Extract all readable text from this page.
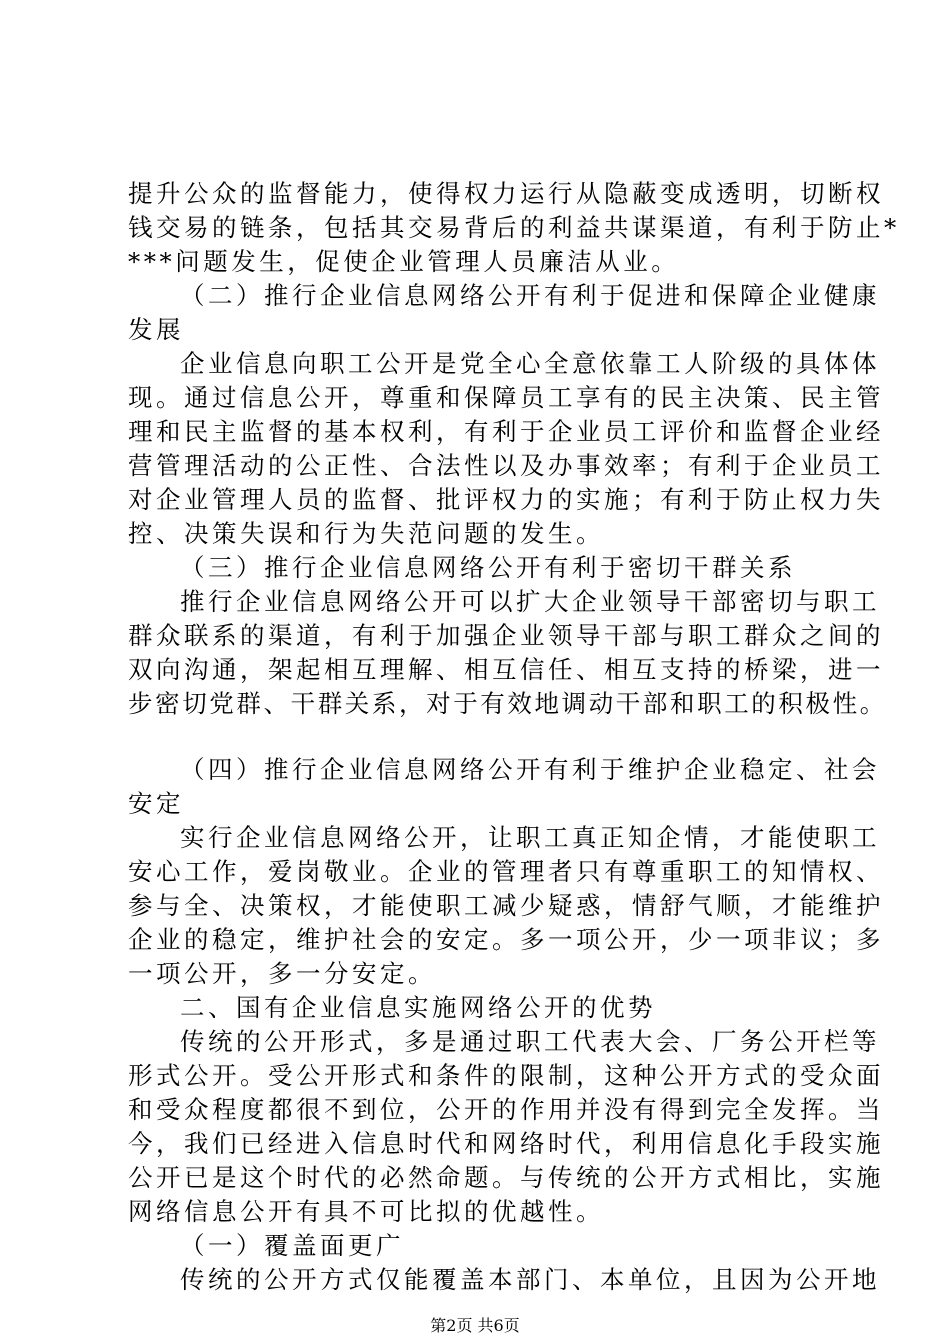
提升公众的监督能力，使得权力运行从隐蔽变成透明，切断权
钱交易的链条，包括其交易背后的利益共谋渠道，有利于防止*
***问题发生，促使企业管理人员廉洁从业。
（二）推行企业信息网络公开有利于促进和保障企业健康
发展
企业信息向职工公开是党全心全意依靠工人阶级的具体体
现。通过信息公开，尊重和保障员工享有的民主决策、民主管
理和民主监督的基本权利，有利于企业员工评价和监督企业经
营管理活动的公正性、合法性以及办事效率；有利于企业员工
对企业管理人员的监督、批评权力的实施；有利于防止权力失
控、决策失误和行为失范问题的发生。
（三）推行企业信息网络公开有利于密切干群关系
推行企业信息网络公开可以扩大企业领导干部密切与职工
群众联系的渠道，有利于加强企业领导干部与职工群众之间的
双向沟通，架起相互理解、相互信任、相互支持的桥梁，进一
步密切党群、干群关系，对于有效地调动干部和职工的积极性。
（四）推行企业信息网络公开有利于维护企业稳定、社会
安定
实行企业信息网络公开，让职工真正知企情，才能使职工
安心工作，爱岗敬业。企业的管理者只有尊重职工的知情权、
参与全、决策权，才能使职工减少疑惑，情舒气顺，才能维护
企业的稳定，维护社会的安定。多一项公开，少一项非议；多
一项公开，多一分安定。
二、国有企业信息实施网络公开的优势
传统的公开形式，多是通过职工代表大会、厂务公开栏等
形式公开。受公开形式和条件的限制，这种公开方式的受众面
和受众程度都很不到位，公开的作用并没有得到完全发挥。当
今，我们已经进入信息时代和网络时代，利用信息化手段实施
公开已是这个时代的必然命题。与传统的公开方式相比，实施
网络信息公开有具不可比拟的优越性。
（一）覆盖面更广
传统的公开方式仅能覆盖本部门、本单位，且因为公开地
第2页 共6页
